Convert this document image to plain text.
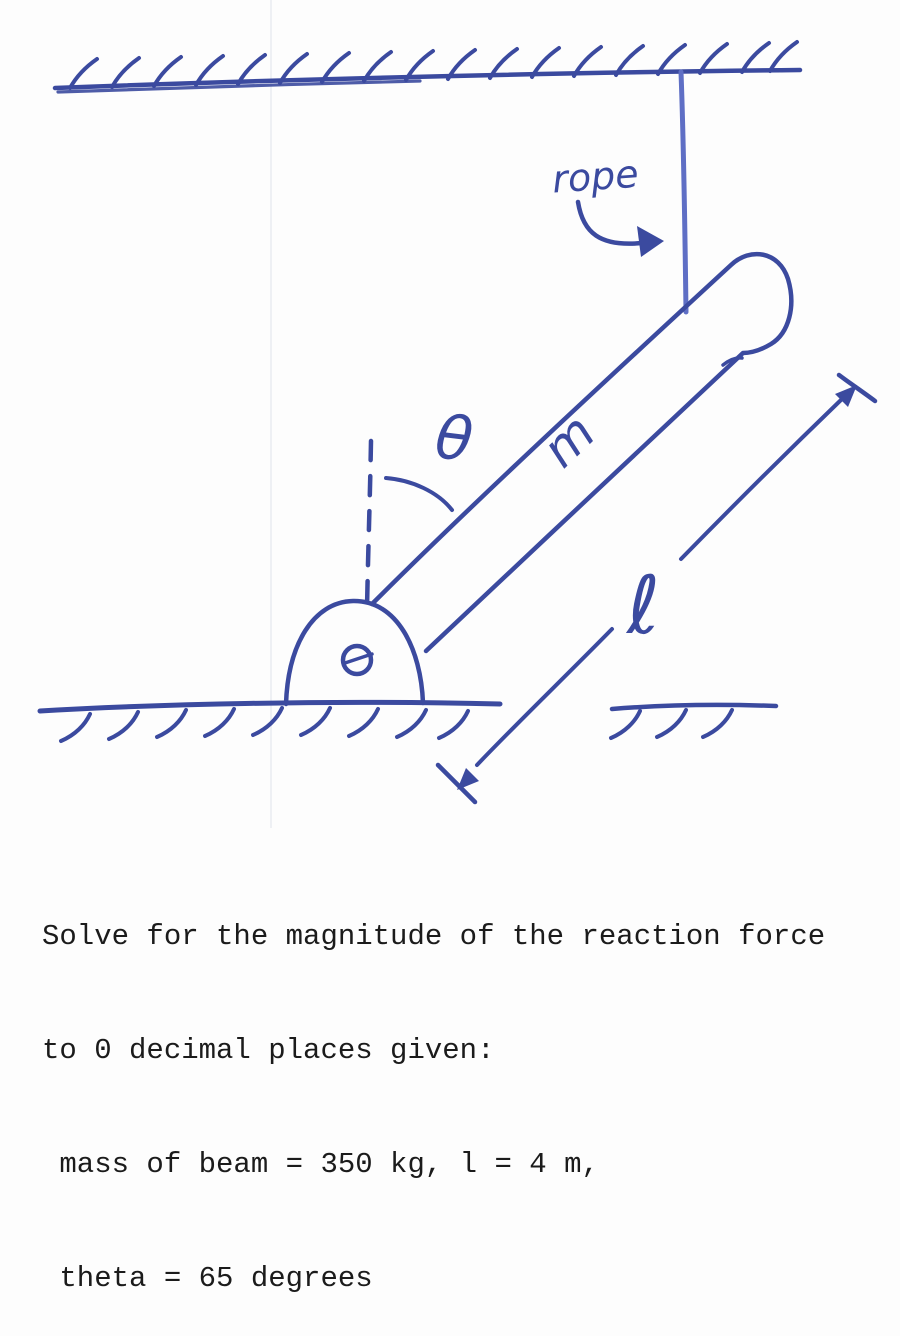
rope
θ m
ℓ

Solve for the magnitude of the reaction force

to 0 decimal places given:

mass of beam = 350 kg, l = 4 m,

theta = 65 degrees
